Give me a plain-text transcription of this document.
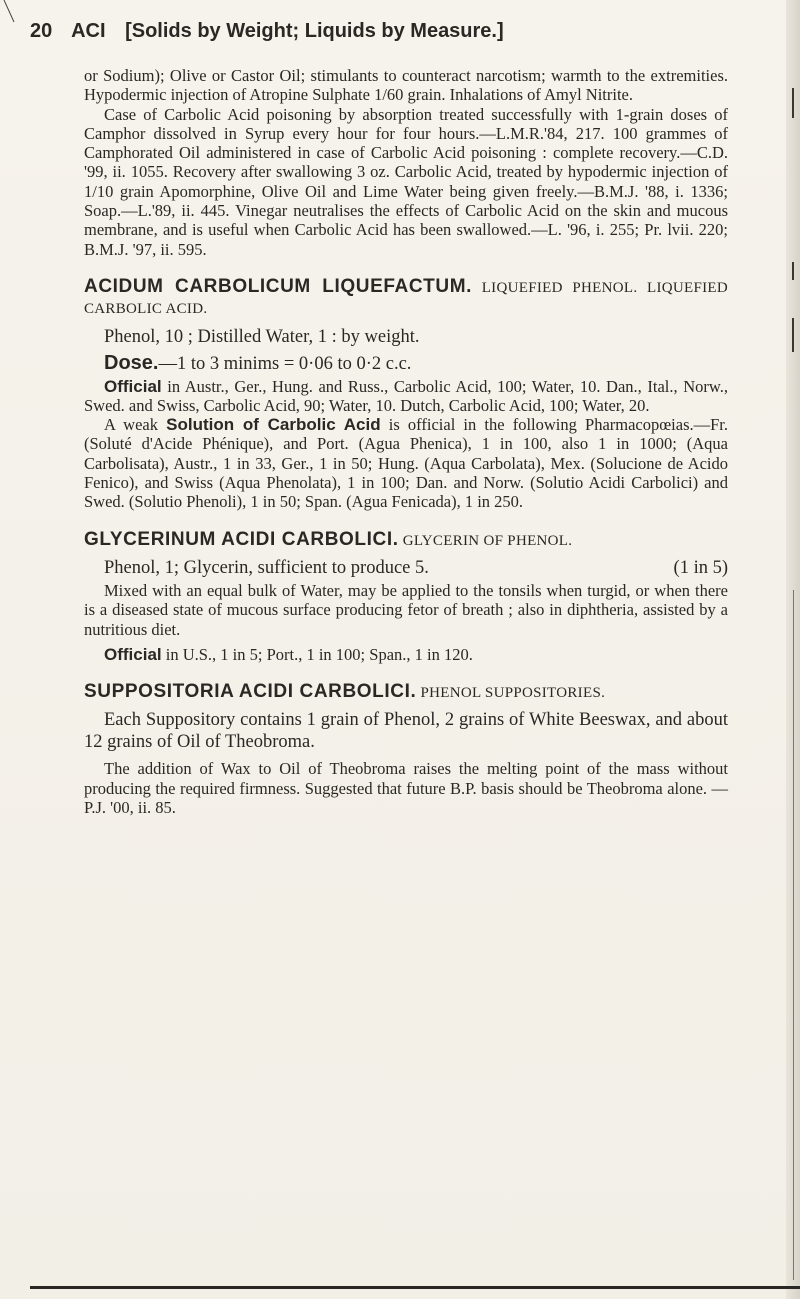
20 ACI [Solids by Weight; Liquids by Measure.]

or Sodium); Olive or Castor Oil; stimulants to counteract narcotism; warmth to the extremities. Hypodermic injection of Atropine Sulphate 1/60 grain. Inhalations of Amyl Nitrite.

Case of Carbolic Acid poisoning by absorption treated successfully with 1-grain doses of Camphor dissolved in Syrup every hour for four hours.—L.M.R.'84, 217. 100 grammes of Camphorated Oil administered in case of Carbolic Acid poisoning : complete recovery.—C.D. '99, ii. 1055. Recovery after swallowing 3 oz. Carbolic Acid, treated by hypodermic injection of 1/10 grain Apomorphine, Olive Oil and Lime Water being given freely.—B.M.J. '88, i. 1336; Soap.—L.'89, ii. 445. Vinegar neutralises the effects of Carbolic Acid on the skin and mucous membrane, and is useful when Carbolic Acid has been swallowed.—L. '96, i. 255; Pr. lvii. 220; B.M.J. '97, ii. 595.

ACIDUM CARBOLICUM LIQUEFACTUM. LIQUEFIED PHENOL. LIQUEFIED CARBOLIC ACID.

Phenol, 10 ; Distilled Water, 1 : by weight.

Dose.—1 to 3 minims = 0·06 to 0·2 c.c.

Official in Austr., Ger., Hung. and Russ., Carbolic Acid, 100; Water, 10. Dan., Ital., Norw., Swed. and Swiss, Carbolic Acid, 90; Water, 10. Dutch, Carbolic Acid, 100; Water, 20.

A weak Solution of Carbolic Acid is official in the following Pharmacopœias.—Fr. (Soluté d'Acide Phénique), and Port. (Agua Phenica), 1 in 100, also 1 in 1000; (Aqua Carbolisata), Austr., 1 in 33, Ger., 1 in 50; Hung. (Aqua Carbolata), Mex. (Solucione de Acido Fenico), and Swiss (Aqua Phenolata), 1 in 100; Dan. and Norw. (Solutio Acidi Carbolici) and Swed. (Solutio Phenoli), 1 in 50; Span. (Agua Fenicada), 1 in 250.

GLYCERINUM ACIDI CARBOLICI. GLYCERIN OF PHENOL.

Phenol, 1; Glycerin, sufficient to produce 5.	(1 in 5)

Mixed with an equal bulk of Water, may be applied to the tonsils when turgid, or when there is a diseased state of mucous surface producing fetor of breath ; also in diphtheria, assisted by a nutritious diet.

Official in U.S., 1 in 5; Port., 1 in 100; Span., 1 in 120.

SUPPOSITORIA ACIDI CARBOLICI. PHENOL SUPPOSITORIES.

Each Suppository contains 1 grain of Phenol, 2 grains of White Beeswax, and about 12 grains of Oil of Theobroma.

The addition of Wax to Oil of Theobroma raises the melting point of the mass without producing the required firmness. Suggested that future B.P. basis should be Theobroma alone. —P.J. '00, ii. 85.
